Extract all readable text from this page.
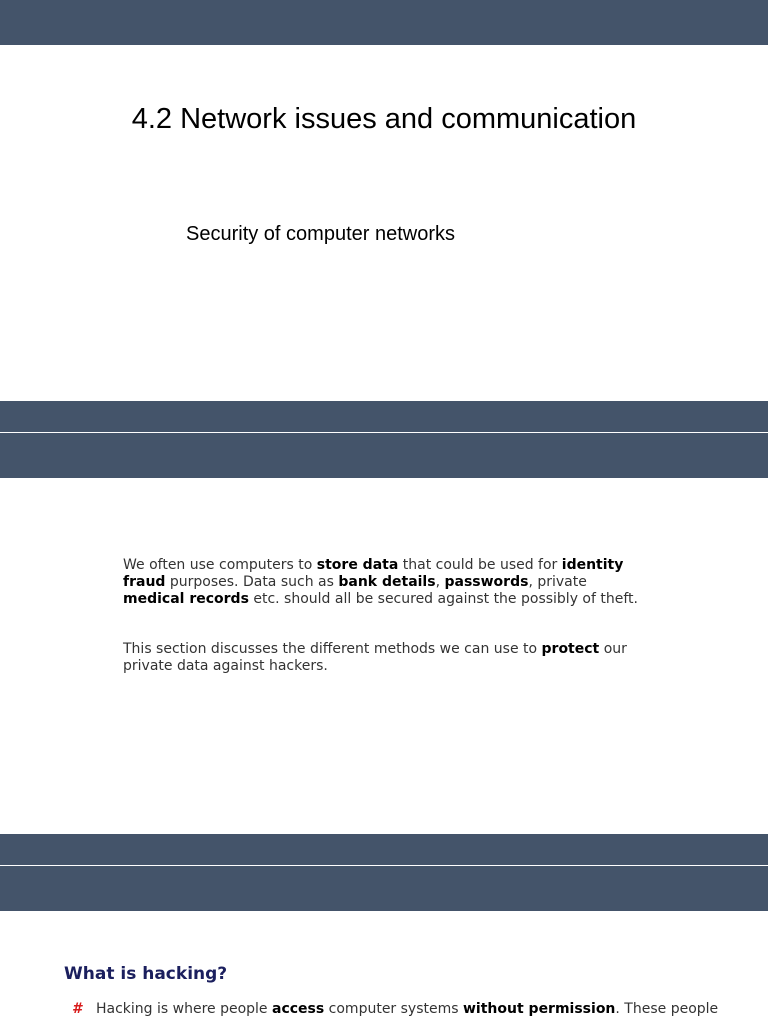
4.2 Network issues and communication
Security of computer networks

We often use computers to store data that could be used for identity fraud purposes. Data such as bank details, passwords, private medical records etc. should all be secured against the possibly of theft.

This section discusses the different methods we can use to protect our private data against hackers.

What is hacking?
# Hacking is where people access computer systems without permission. These people
